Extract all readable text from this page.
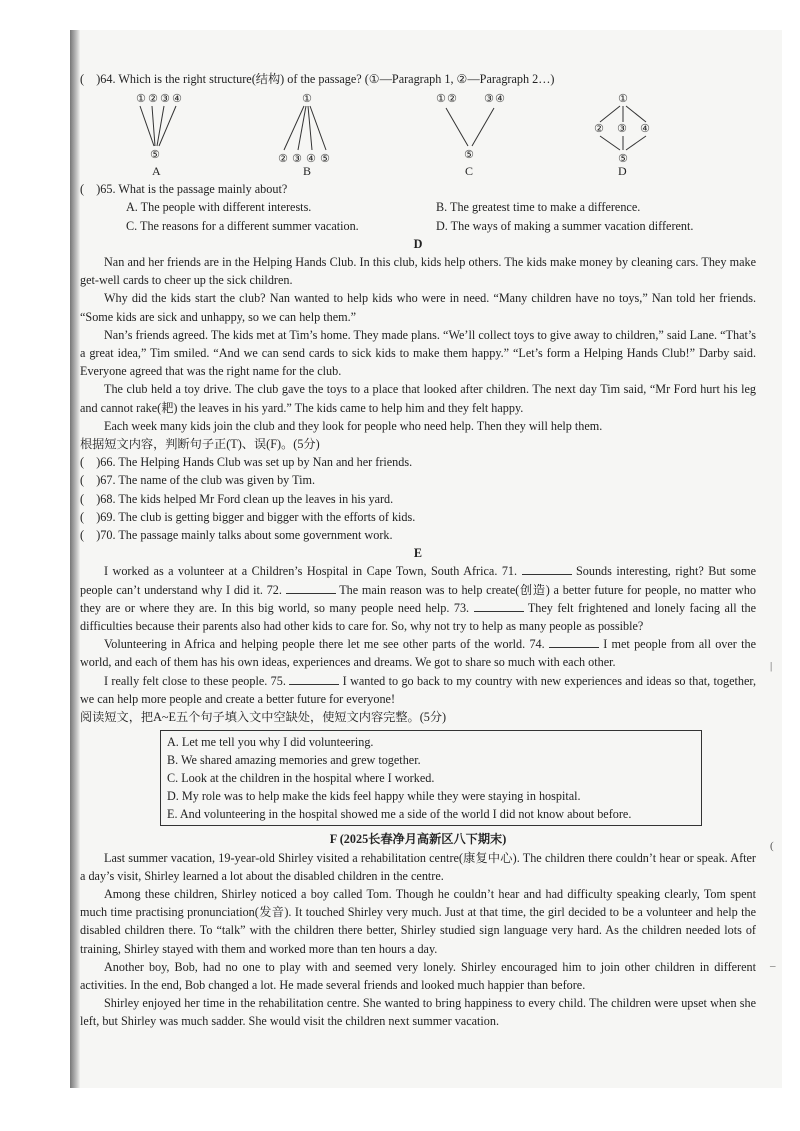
(　)64. Which is the right structure(结构) of the passage? (①—Paragraph 1, ②—Paragraph 2…)
① ② ③ ④
⑤
A
①
② ③ ④ ⑤
B
① ② ③ ④
⑤
C
①
② ③ ④
⑤
D
(　)65. What is the passage mainly about?
A. The people with different interests.	B. The greatest time to make a difference.
C. The reasons for a different summer vacation.	D. The ways of making a summer vacation different.
D
Nan and her friends are in the Helping Hands Club. In this club, kids help others. The kids make money by cleaning cars. They make get-well cards to cheer up the sick children.
Why did the kids start the club? Nan wanted to help kids who were in need. “Many children have no toys,” Nan told her friends. “Some kids are sick and unhappy, so we can help them.”
Nan’s friends agreed. The kids met at Tim’s home. They made plans. “We’ll collect toys to give away to children,” said Lane. “That’s a great idea,” Tim smiled. “And we can send cards to sick kids to make them happy.” “Let’s form a Helping Hands Club!” Darby said. Everyone agreed that was the right name for the club.
The club held a toy drive. The club gave the toys to a place that looked after children. The next day Tim said, “Mr Ford hurt his leg and cannot rake(耙) the leaves in his yard.” The kids came to help him and they felt happy.
Each week many kids join the club and they look for people who need help. Then they will help them.
根据短文内容，判断句子正(T)、误(F)。(5分)
(　)66. The Helping Hands Club was set up by Nan and her friends.
(　)67. The name of the club was given by Tim.
(　)68. The kids helped Mr Ford clean up the leaves in his yard.
(　)69. The club is getting bigger and bigger with the efforts of kids.
(　)70. The passage mainly talks about some government work.
E
I worked as a volunteer at a Children’s Hospital in Cape Town, South Africa. 71.	Sounds interesting, right? But some people can’t understand why I did it. 72.	The main reason was to help create(创造) a better future for people, no matter who they are or where they are. In this big world, so many people need help. 73.	They felt frightened and lonely facing all the difficulties because their parents also had other kids to care for. So, why not try to help as many people as possible?
Volunteering in Africa and helping people there let me see other parts of the world. 74.	I met people from all over the world, and each of them has his own ideas, experiences and dreams. We got to share so much with each other.
I really felt close to these people. 75.	I wanted to go back to my country with new experiences and ideas so that, together, we can help more people and create a better future for everyone!
阅读短文，把A~E五个句子填入文中空缺处，使短文内容完整。(5分)
A. Let me tell you why I did volunteering.
B. We shared amazing memories and grew together.
C. Look at the children in the hospital where I worked.
D. My role was to help make the kids feel happy while they were staying in hospital.
E. And volunteering in the hospital showed me a side of the world I did not know about before.
F (2025长春净月高新区八下期末)
Last summer vacation, 19-year-old Shirley visited a rehabilitation centre(康复中心). The children there couldn’t hear or speak. After a day’s visit, Shirley learned a lot about the disabled children in the centre.
Among these children, Shirley noticed a boy called Tom. Though he couldn’t hear and had difficulty speaking clearly, Tom spent much time practising pronunciation(发音). It touched Shirley very much. Just at that time, the girl decided to be a volunteer and help the disabled children there. To “talk” with the children there better, Shirley studied sign language very hard. As the children needed lots of training, Shirley stayed with them and worked more than ten hours a day.
Another boy, Bob, had no one to play with and seemed very lonely. Shirley encouraged him to join other children in different activities. In the end, Bob changed a lot. He made several friends and looked much happier than before.
Shirley enjoyed her time in the rehabilitation centre. She wanted to bring happiness to every child. The children were upset when she left, but Shirley was much sadder. She would visit the children next summer vacation.
|
(
–
